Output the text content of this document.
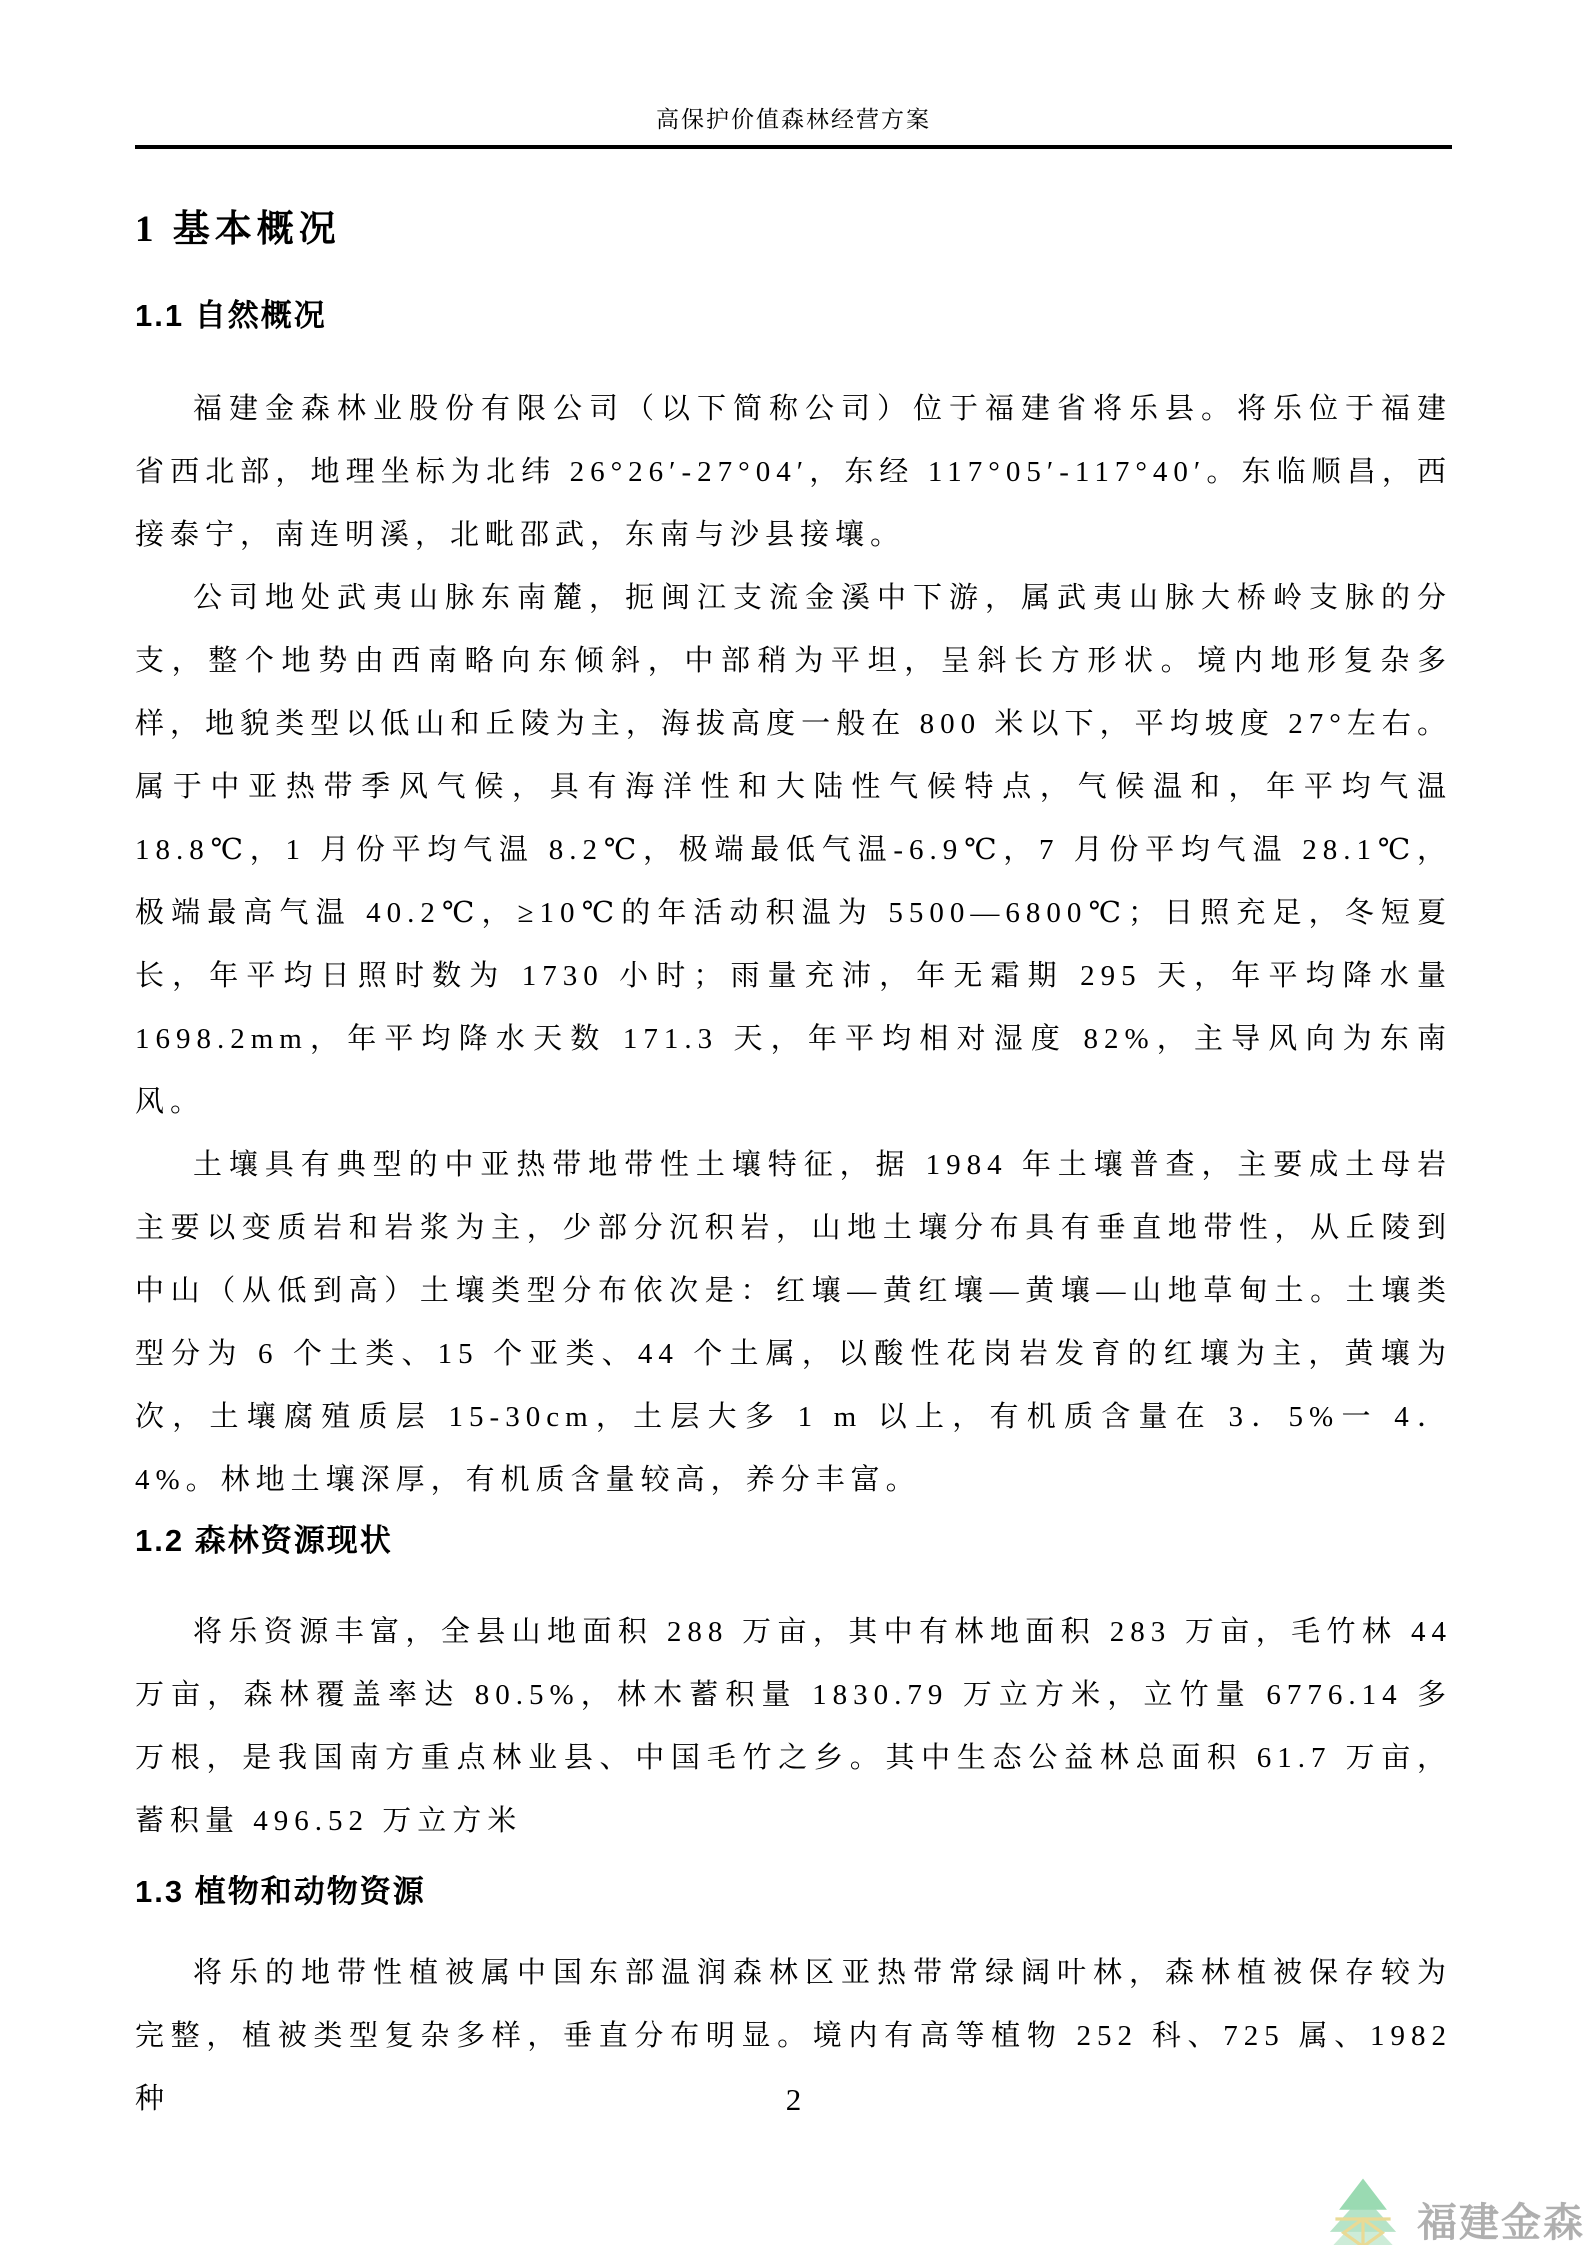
高保护价值森林经营方案
1 基本概况
1.1 自然概况

福建金森林业股份有限公司（以下简称公司）位于福建省将乐县。将乐位于福建省西北部，地理坐标为北纬 26°26′-27°04′，东经 117°05′-117°40′。东临顺昌，西接泰宁，南连明溪，北毗邵武，东南与沙县接壤。

公司地处武夷山脉东南麓，扼闽江支流金溪中下游，属武夷山脉大桥岭支脉的分支，整个地势由西南略向东倾斜，中部稍为平坦，呈斜长方形状。境内地形复杂多样，地貌类型以低山和丘陵为主，海拔高度一般在 800 米以下，平均坡度 27°左右。属于中亚热带季风气候，具有海洋性和大陆性气候特点，气候温和，年平均气温 18.8℃，1 月份平均气温 8.2℃，极端最低气温-6.9℃，7 月份平均气温 28.1℃，极端最高气温 40.2℃，≥10℃的年活动积温为 5500—6800℃；日照充足，冬短夏长，年平均日照时数为 1730 小时；雨量充沛，年无霜期 295 天，年平均降水量 1698.2mm，年平均降水天数 171.3 天，年平均相对湿度 82%，主导风向为东南风。

土壤具有典型的中亚热带地带性土壤特征，据 1984 年土壤普查，主要成土母岩主要以变质岩和岩浆为主，少部分沉积岩，山地土壤分布具有垂直地带性，从丘陵到中山（从低到高）土壤类型分布依次是：红壤—黄红壤—黄壤—山地草甸土。土壤类型分为 6 个土类、15 个亚类、44 个土属，以酸性花岗岩发育的红壤为主，黄壤为次，土壤腐殖质层 15-30cm，土层大多 1 m 以上，有机质含量在 3．5%一 4．4%。林地土壤深厚，有机质含量较高，养分丰富。

1.2 森林资源现状

将乐资源丰富，全县山地面积 288 万亩，其中有林地面积 283 万亩，毛竹林 44 万亩，森林覆盖率达 80.5%，林木蓄积量 1830.79 万立方米，立竹量 6776.14 多万根，是我国南方重点林业县、中国毛竹之乡。其中生态公益林总面积 61.7 万亩，蓄积量 496.52 万立方米

1.3 植物和动物资源

将乐的地带性植被属中国东部温润森林区亚热带常绿阔叶林，森林植被保存较为完整，植被类型复杂多样，垂直分布明显。境内有高等植物 252 科、725 属、1982 种	2
福建金森
